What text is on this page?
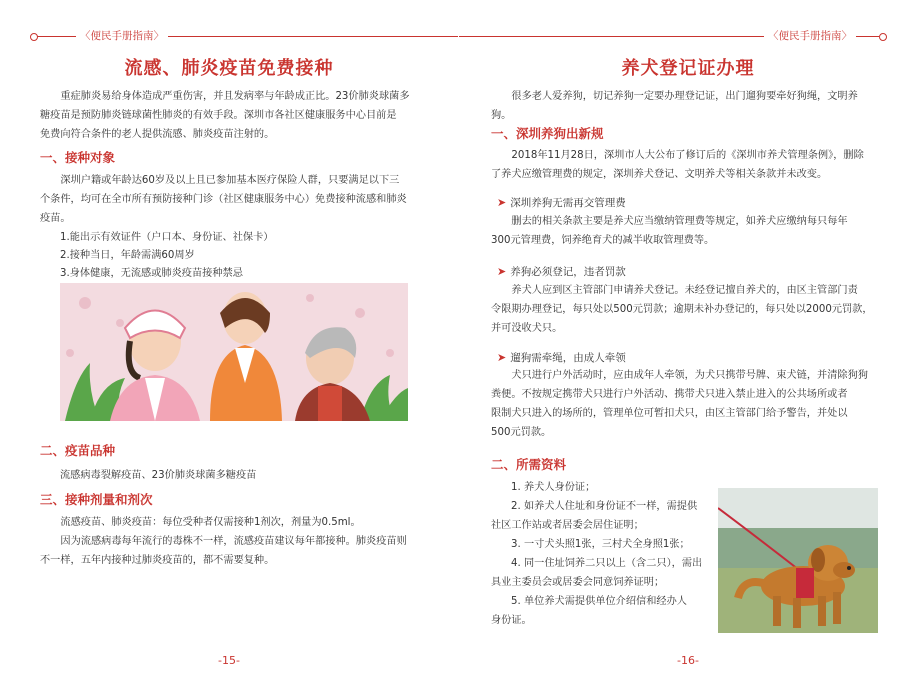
〈便民手册指南〉
流感、肺炎疫苗免费接种
重症肺炎易给身体造成严重伤害，并且发病率与年龄成正比。23价肺炎球菌多
糖疫苗是预防肺炎链球菌性肺炎的有效手段。深圳市各社区健康服务中心目前是
免费向符合条件的老人提供流感、肺炎疫苗注射的。
一、接种对象
深圳户籍或年龄达60岁及以上且已参加基本医疗保险人群，只要满足以下三
个条件，均可在全市所有预防接种门诊（社区健康服务中心）免费接种流感和肺炎
疫苗。
1.能出示有效证件（户口本、身份证、社保卡）
2.接种当日，年龄需满60周岁
3.身体健康，无流感或肺炎疫苗接种禁忌
二、疫苗品种
流感病毒裂解疫苗、23价肺炎球菌多糖疫苗
三、接种剂量和剂次
流感疫苗、肺炎疫苗：每位受种者仅需接种1剂次，剂量为0.5ml。
因为流感病毒每年流行的毒株不一样，流感疫苗建议每年都接种。肺炎疫苗则
不一样，五年内接种过肺炎疫苗的，都不需要复种。
-15-
〈便民手册指南〉
养犬登记证办理
很多老人爱养狗，切记养狗一定要办理登记证，出门遛狗要牵好狗绳，文明养
狗。
一、深圳养狗出新规
2018年11月28日，深圳市人大公布了修订后的《深圳市养犬管理条例》，删除
了养犬应缴管理费的规定，深圳养犬登记、文明养犬等相关条款并未改变。
➤ 深圳养狗无需再交管理费
删去的相关条款主要是养犬应当缴纳管理费等规定，如养犬应缴纳每只每年
300元管理费，饲养绝育犬的减半收取管理费等。
➤ 养狗必须登记，违者罚款
养犬人应到区主管部门申请养犬登记。未经登记擅自养犬的，由区主管部门责
令限期办理登记，每只处以500元罚款；逾期未补办登记的，每只处以2000元罚款，
并可没收犬只。
➤ 遛狗需牵绳，由成人牵领
犬只进行户外活动时，应由成年人牵领，为犬只携带号牌、束犬链，并清除狗狗
粪便。不按规定携带犬只进行户外活动、携带犬只进入禁止进入的公共场所或者
限制犬只进入的场所的，管理单位可暂扣犬只，由区主管部门给予警告，并处以
500元罚款。
二、所需资料
1. 养犬人身份证；
2. 如养犬人住址和身份证不一样，需提供
社区工作站或者居委会居住证明；
3. 一寸犬头照1张，三村犬全身照1张；
4. 同一住址饲养二只以上（含二只），需出
具业主委员会或居委会同意饲养证明；
5. 单位养犬需提供单位介绍信和经办人
身份证。
-16-
